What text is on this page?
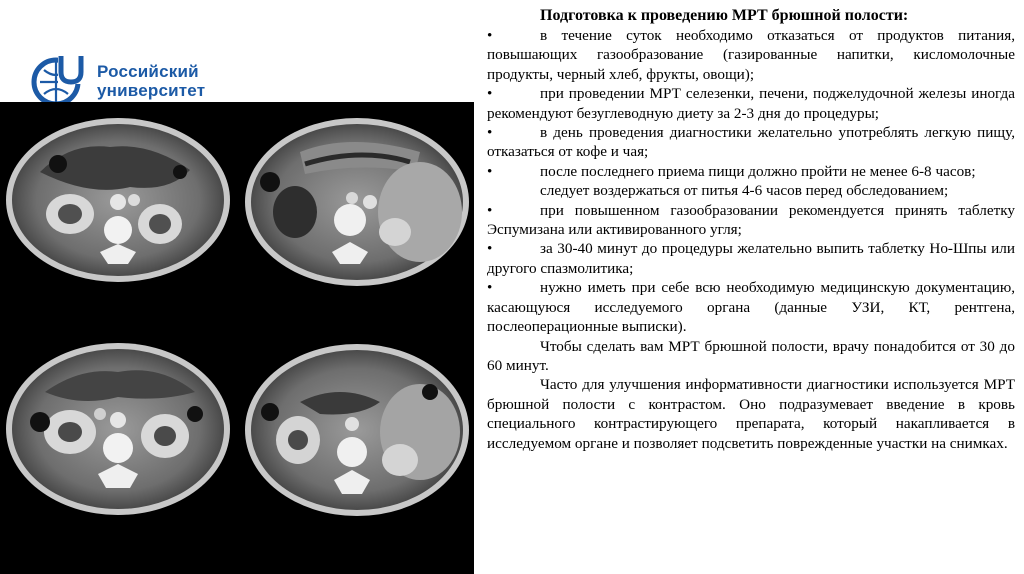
Российский университет

Подготовка к проведению МРТ брюшной полости:

•	в течение суток необходимо отказаться от продуктов питания, повышающих газообразование (газированные напитки, кисломолочные продукты, черный хлеб, фрукты, овощи);

•	при проведении МРТ селезенки, печени, поджелудочной железы иногда рекомендуют безуглеводную диету за 2-3 дня до процедуры;

•	в день проведения диагностики желательно употреблять легкую пищу, отказаться от кофе и чая;

•	после последнего приема пищи должно пройти не менее 6-8 часов;

следует воздержаться от питья 4-6 часов перед обследованием;

•	при повышенном газообразовании рекомендуется принять таблетку Эспумизана или активированного угля;

•	за 30-40 минут до процедуры желательно выпить таблетку Но-Шпы или другого спазмолитика;

•	нужно иметь при себе всю необходимую медицинскую документацию, касающуюся исследуемого органа (данные УЗИ, КТ, рентгена, послеоперационные выписки).

Чтобы сделать вам МРТ брюшной полости, врачу понадобится от 30 до 60 минут.

Часто для улучшения информативности диагностики используется МРТ брюшной полости с контрастом. Оно подразумевает введение в кровь специального контрастирующего препарата, который накапливается в исследуемом органе и позволяет подсветить поврежденные участки на снимках.
